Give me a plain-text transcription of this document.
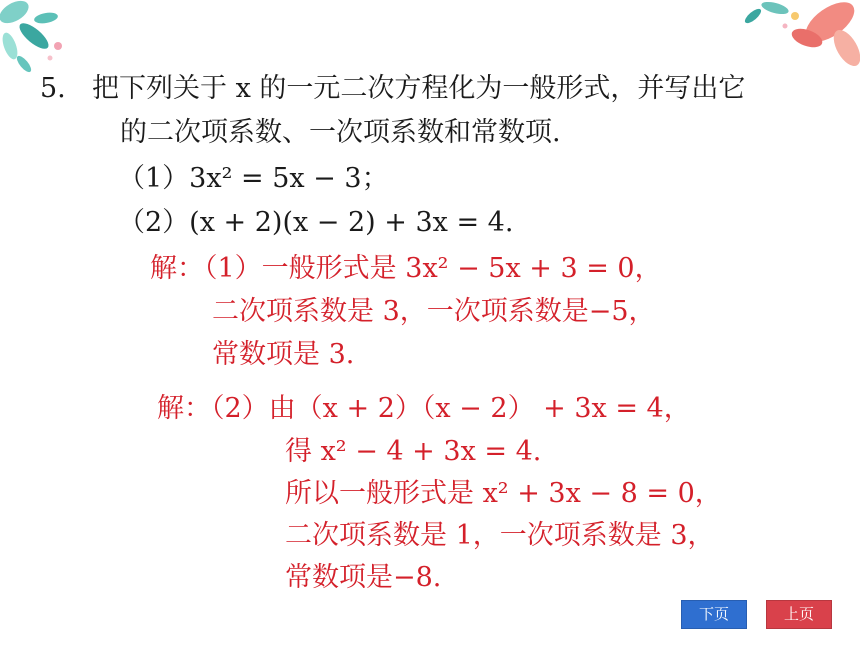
5. 把下列关于 x 的一元二次方程化为一般形式，并写出它
的二次项系数、一次项系数和常数项.
（1）3x² = 5x − 3；
（2）(x + 2)(x − 2) + 3x = 4.
解：（1）一般形式是 3x² − 5x + 3 = 0，
二次项系数是 3，一次项系数是−5，
常数项是 3.
解：（2）由（x + 2）（x − 2） + 3x = 4，
得 x² − 4 + 3x = 4.
所以一般形式是 x² + 3x − 8 = 0，
二次项系数是 1，一次项系数是 3，
常数项是−8.
下页	上页
